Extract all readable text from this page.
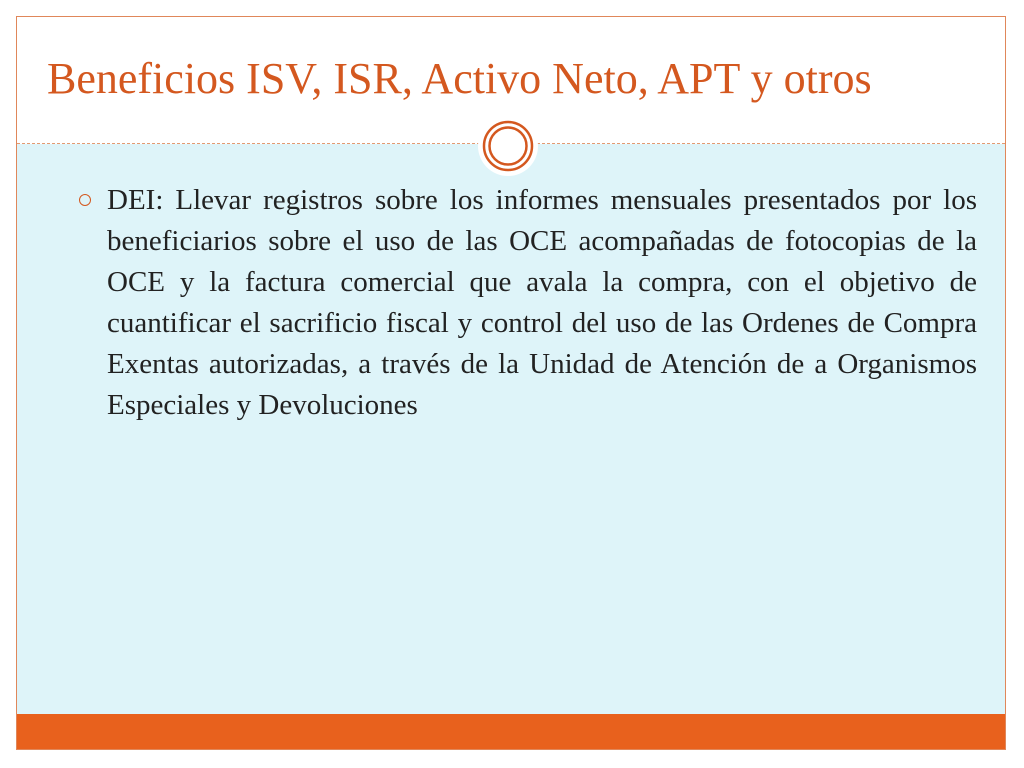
Beneficios ISV, ISR, Activo Neto, APT y otros
DEI: Llevar registros sobre los informes mensuales presentados por los beneficiarios sobre el uso de las OCE acompañadas de fotocopias de la OCE y la factura comercial que avala la compra, con el objetivo de cuantificar el sacrificio fiscal y control del uso de las Ordenes de Compra Exentas autorizadas, a través de la Unidad de Atención de a Organismos Especiales y Devoluciones
